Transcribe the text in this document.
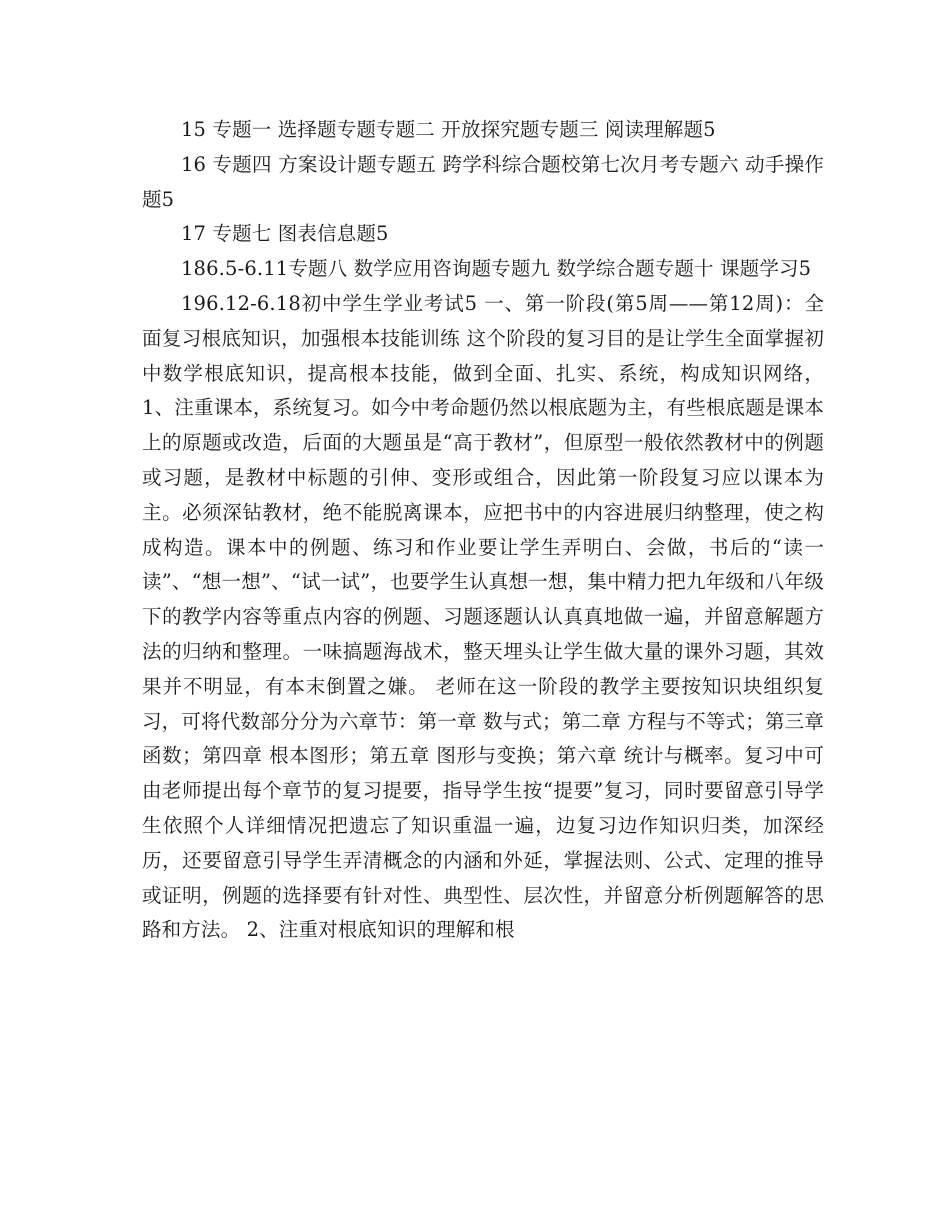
15 专题一 选择题专题专题二 开放探究题专题三 阅读理解题5

16 专题四 方案设计题专题五 跨学科综合题校第七次月考专题六 动手操作题5

17 专题七 图表信息题5

186.5-6.11专题八 数学应用咨询题专题九 数学综合题专题十 课题学习5

196.12-6.18初中学生学业考试5 一、第一阶段(第5周——第12周)：全面复习根底知识，加强根本技能训练 这个阶段的复习目的是让学生全面掌握初中数学根底知识，提高根本技能，做到全面、扎实、系统，构成知识网络， 1、注重课本，系统复习。如今中考命题仍然以根底题为主，有些根底题是课本上的原题或改造，后面的大题虽是“高于教材”，但原型一般依然教材中的例题或习题，是教材中标题的引伸、变形或组合，因此第一阶段复习应以课本为主。必须深钻教材，绝不能脱离课本，应把书中的内容进展归纳整理，使之构成构造。课本中的例题、练习和作业要让学生弄明白、会做，书后的“读一读”、“想一想”、“试一试”，也要学生认真想一想，集中精力把九年级和八年级下的教学内容等重点内容的例题、习题逐题认认真真地做一遍，并留意解题方法的归纳和整理。一味搞题海战术，整天埋头让学生做大量的课外习题，其效果并不明显，有本末倒置之嫌。 老师在这一阶段的教学主要按知识块组织复习，可将代数部分分为六章节：第一章 数与式；第二章 方程与不等式；第三章函数；第四章 根本图形；第五章 图形与变换；第六章 统计与概率。复习中可由老师提出每个章节的复习提要，指导学生按“提要”复习，同时要留意引导学生依照个人详细情况把遗忘了知识重温一遍，边复习边作知识归类，加深经历，还要留意引导学生弄清概念的内涵和外延，掌握法则、公式、定理的推导或证明，例题的选择要有针对性、典型性、层次性，并留意分析例题解答的思路和方法。 2、注重对根底知识的理解和根
